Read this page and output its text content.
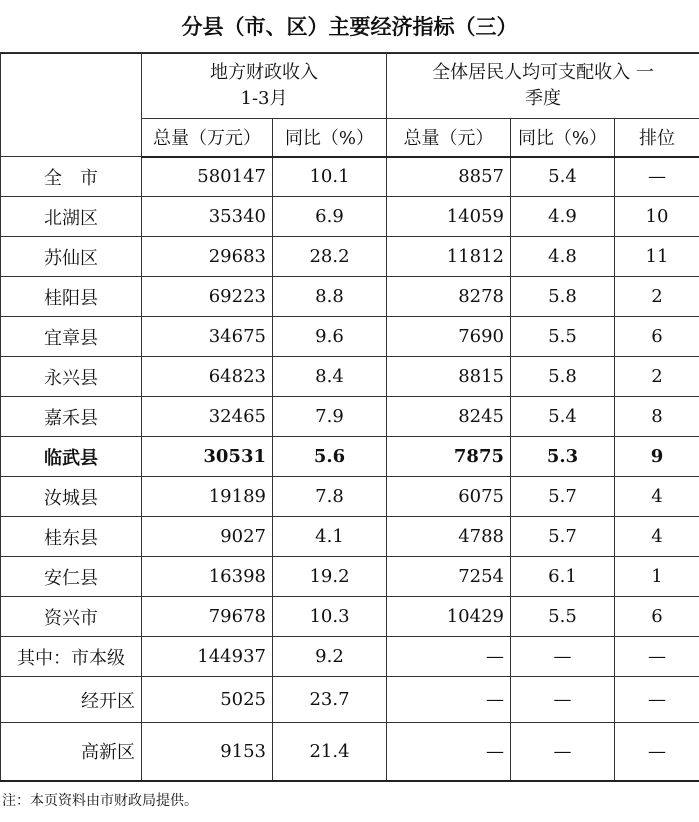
分县（市、区）主要经济指标（三）

	地方财政收入 1-3月		全体居民人均可支配收入 一季度		

	总量（万元）	同比（%）	总量（元）	同比（%）	排位
全　市	580147	10.1	8857	5.4	—
北湖区	35340	6.9	14059	4.9	10
苏仙区	29683	28.2	11812	4.8	11
桂阳县	69223	8.8	8278	5.8	2
宜章县	34675	9.6	7690	5.5	6
永兴县	64823	8.4	8815	5.8	2
嘉禾县	32465	7.9	8245	5.4	8
临武县	30531	5.6	7875	5.3	9
汝城县	19189	7.8	6075	5.7	4
桂东县	9027	4.1	4788	5.7	4
安仁县	16398	19.2	7254	6.1	1
资兴市	79678	10.3	10429	5.5	6
其中：市本级	144937	9.2	—	—	—
经开区	5025	23.7	—	—	—
高新区	9153	21.4	—	—	—
注：本页资料由市财政局提供。
